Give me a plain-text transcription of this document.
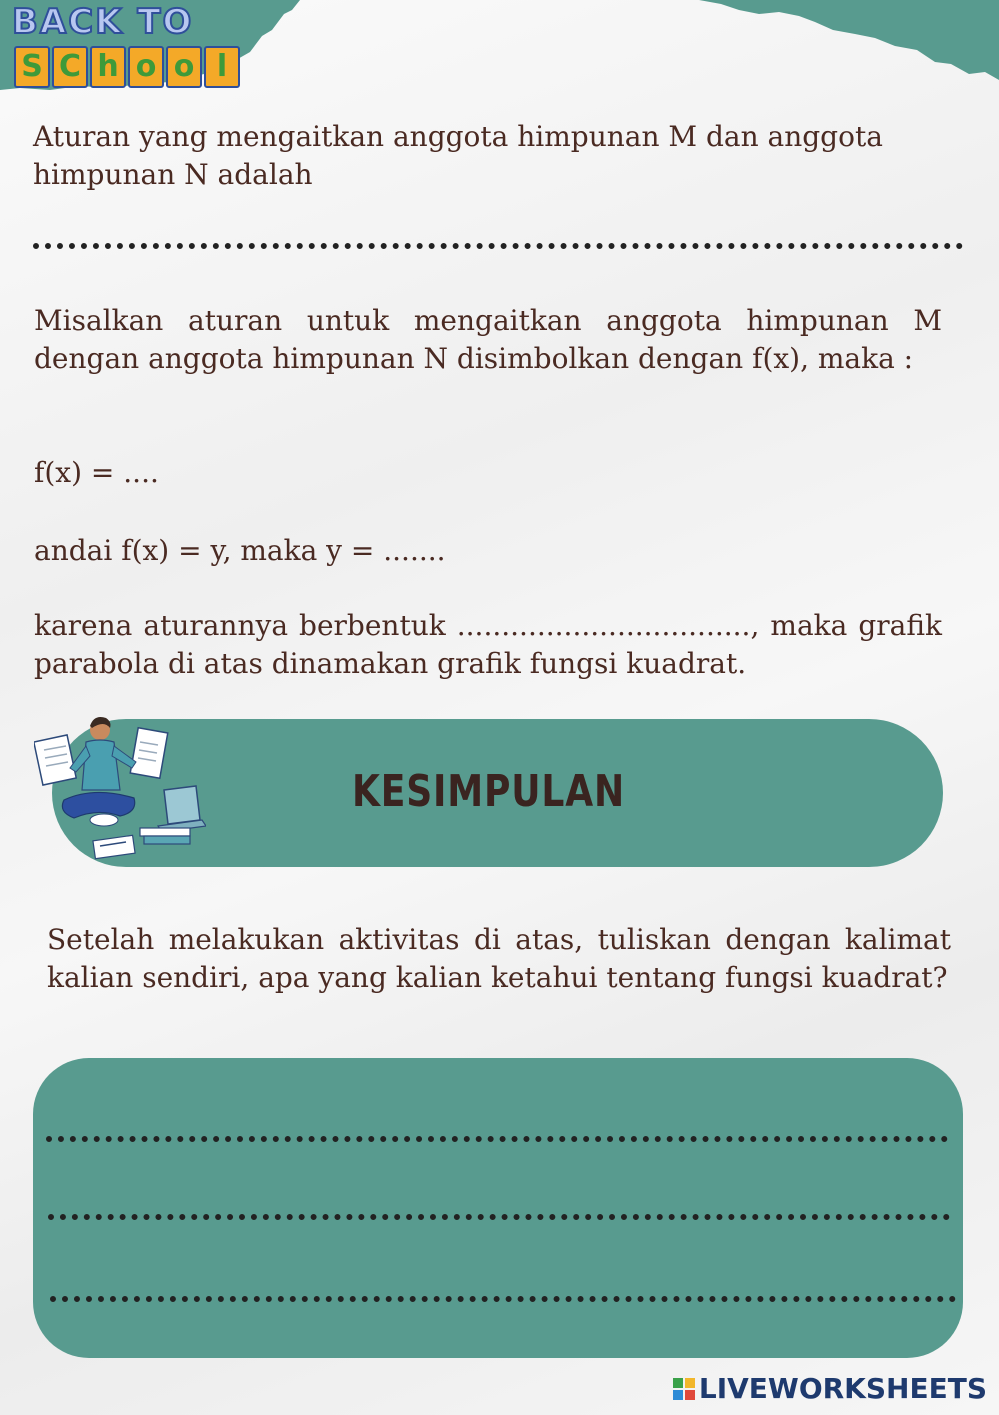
BACK TO
S C h o o l
Aturan yang mengaitkan anggota himpunan M dan anggota himpunan N adalah
Misalkan aturan untuk mengaitkan anggota himpunan M dengan anggota himpunan N disimbolkan dengan f(x), maka :
f(x) = ....
andai f(x) = y, maka y = .......
karena aturannya berbentuk ................................., maka grafik parabola di atas dinamakan grafik fungsi kuadrat.
KESIMPULAN
Setelah melakukan aktivitas di atas, tuliskan dengan kalimat kalian sendiri, apa yang kalian ketahui tentang fungsi kuadrat?
LIVEWORKSHEETS
